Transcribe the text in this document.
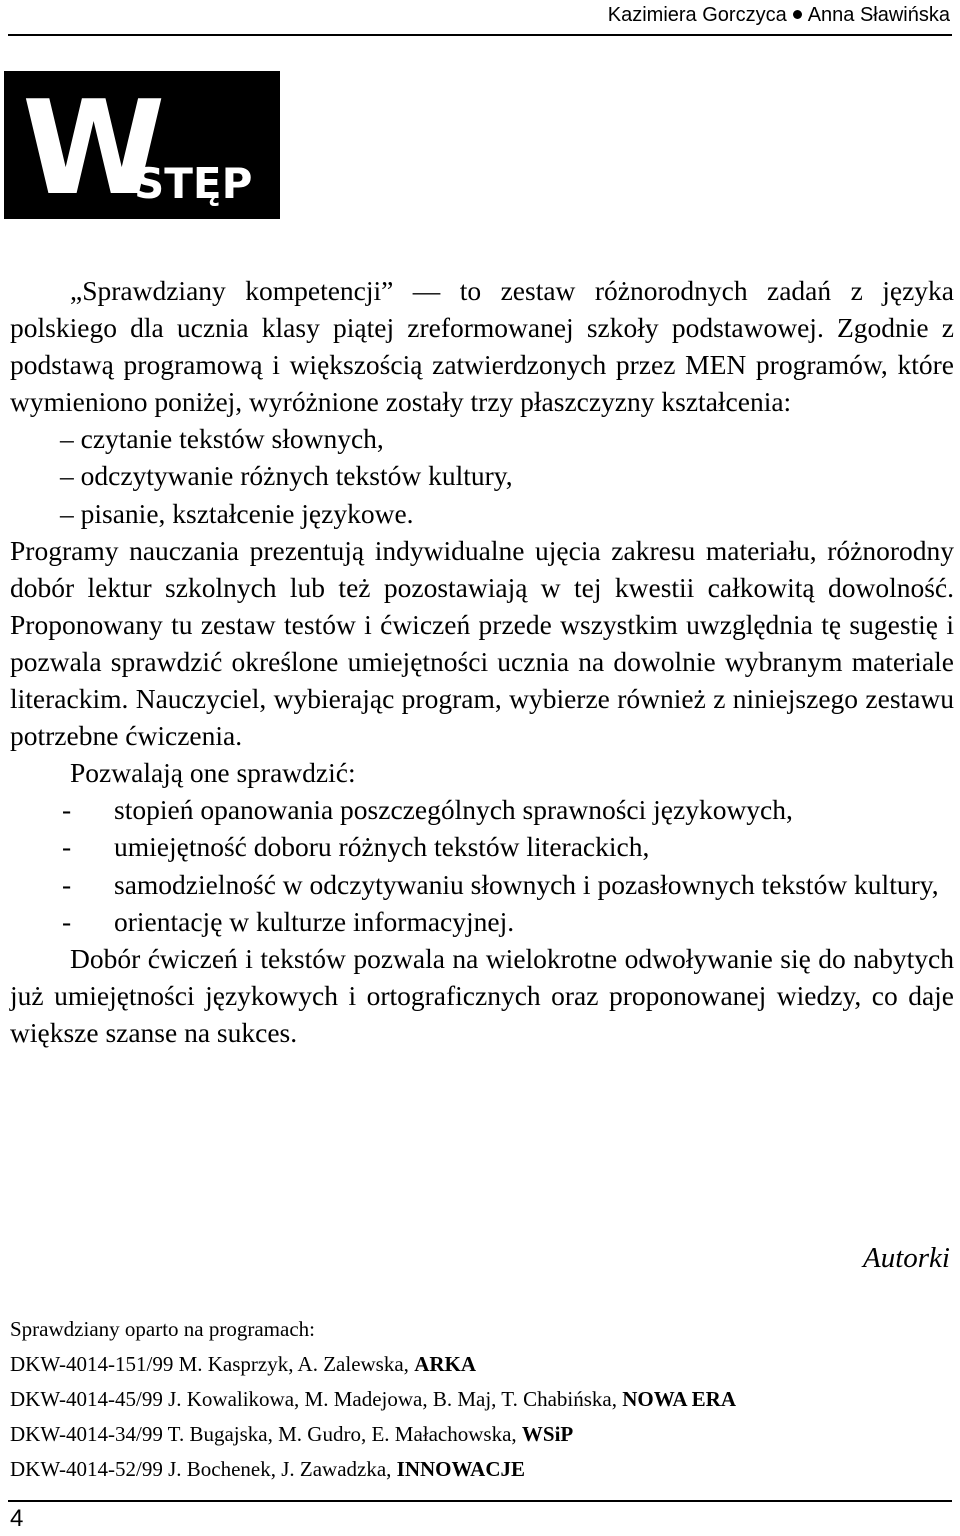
Kazimiera Gorczyca Anna Sławińska
W
STĘP

„Sprawdziany kompetencji” — to zestaw różnorodnych zadań z języka polskiego dla ucznia klasy piątej zreformowanej szkoły podstawowej. Zgodnie z podstawą programową i większością zatwierdzonych przez MEN programów, które wymieniono poniżej, wyróżnione zostały trzy płaszczyzny kształcenia:

– czytanie tekstów słownych,
– odczytywanie różnych tekstów kultury,
– pisanie, kształcenie językowe.

Programy nauczania prezentują indywidualne ujęcia zakresu materiału, różnorodny dobór lektur szkolnych lub też pozostawiają w tej kwestii całkowitą dowolność. Proponowany tu zestaw testów i ćwiczeń przede wszystkim uwzględnia tę sugestię i pozwala sprawdzić określone umiejętności ucznia na dowolnie wybranym materiale literackim. Nauczyciel, wybierając program, wybierze również z niniejszego zestawu potrzebne ćwiczenia.

Pozwalają one sprawdzić:

-	stopień opanowania poszczególnych sprawności językowych,
-	umiejętność doboru różnych tekstów literackich,
-	samodzielność w odczytywaniu słownych i pozasłownych tekstów kultury,
-	orientację w kulturze informacyjnej.

Dobór ćwiczeń i tekstów pozwala na wielokrotne odwoływanie się do nabytych już umiejętności językowych i ortograficznych oraz proponowanej wiedzy, co daje większe szanse na sukces.

Autorki
Sprawdziany oparto na programach:
DKW-4014-151/99 M. Kasprzyk, A. Zalewska, ARKA
DKW-4014-45/99 J. Kowalikowa, M. Madejowa, B. Maj, T. Chabińska, NOWA ERA
DKW-4014-34/99 T. Bugajska, M. Gudro, E. Małachowska, WSiP
DKW-4014-52/99 J. Bochenek, J. Zawadzka, INNOWACJE
4
